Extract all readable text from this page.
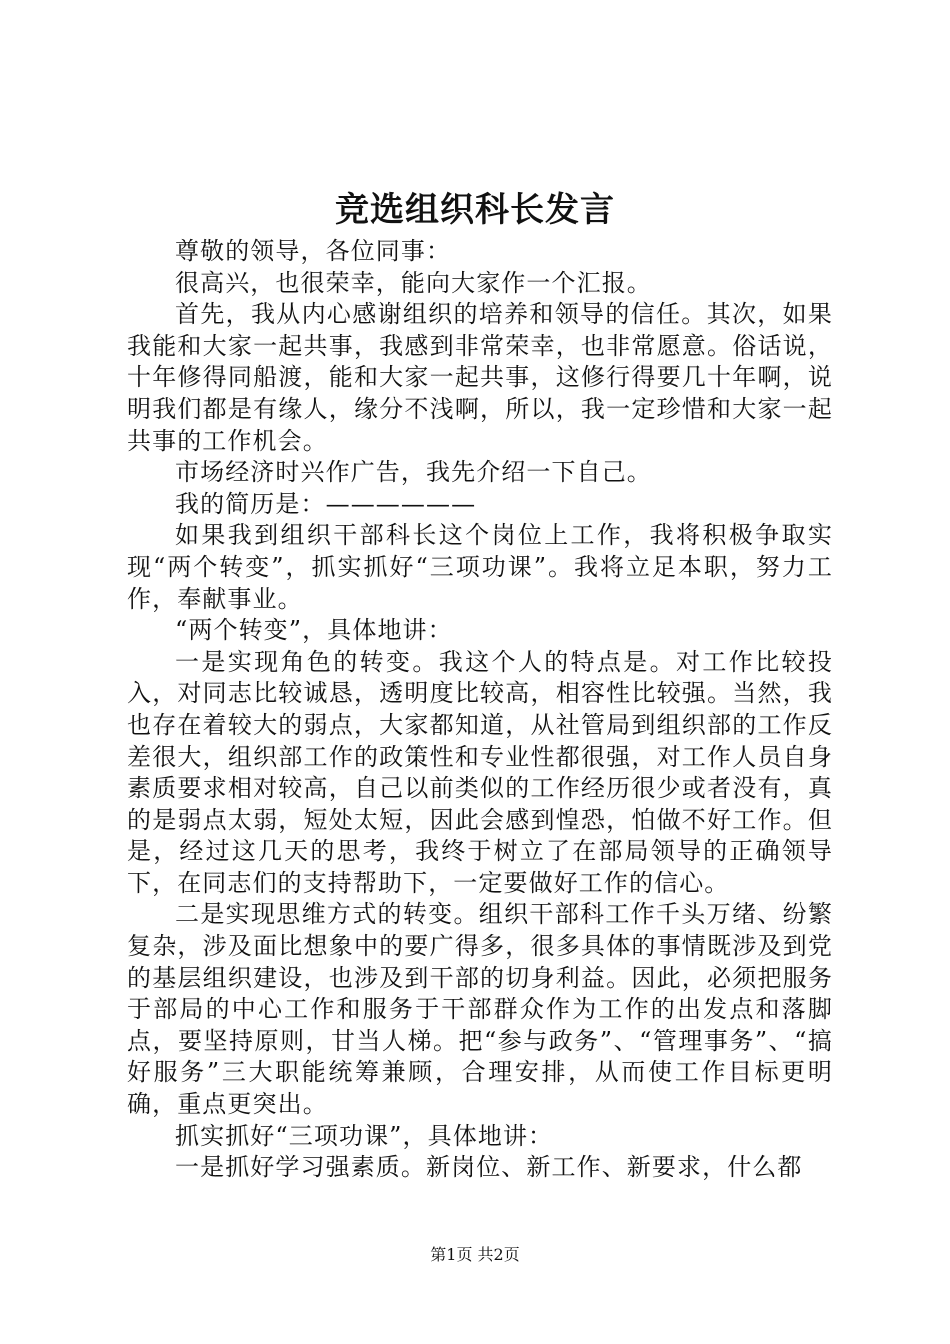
竞选组织科长发言

尊敬的领导，各位同事：

很高兴，也很荣幸，能向大家作一个汇报。

首先，我从内心感谢组织的培养和领导的信任。其次，如果我能和大家一起共事，我感到非常荣幸，也非常愿意。俗话说，十年修得同船渡，能和大家一起共事，这修行得要几十年啊，说明我们都是有缘人，缘分不浅啊，所以，我一定珍惜和大家一起共事的工作机会。

市场经济时兴作广告，我先介绍一下自己。

我的简历是：——————

如果我到组织干部科长这个岗位上工作，我将积极争取实现“两个转变”，抓实抓好“三项功课”。我将立足本职，努力工作，奉献事业。

“两个转变”，具体地讲：

一是实现角色的转变。我这个人的特点是。对工作比较投入，对同志比较诚恳，透明度比较高，相容性比较强。当然，我也存在着较大的弱点，大家都知道，从社管局到组织部的工作反差很大，组织部工作的政策性和专业性都很强，对工作人员自身素质要求相对较高，自己以前类似的工作经历很少或者没有，真的是弱点太弱，短处太短，因此会感到惶恐，怕做不好工作。但是，经过这几天的思考，我终于树立了在部局领导的正确领导下，在同志们的支持帮助下，一定要做好工作的信心。

二是实现思维方式的转变。组织干部科工作千头万绪、纷繁复杂，涉及面比想象中的要广得多，很多具体的事情既涉及到党的基层组织建设，也涉及到干部的切身利益。因此，必须把服务于部局的中心工作和服务于干部群众作为工作的出发点和落脚点，要坚持原则，甘当人梯。把“参与政务”、“管理事务”、“搞好服务”三大职能统筹兼顾，合理安排，从而使工作目标更明确，重点更突出。

抓实抓好“三项功课”，具体地讲：

一是抓好学习强素质。新岗位、新工作、新要求，什么都

第1页 共2页
